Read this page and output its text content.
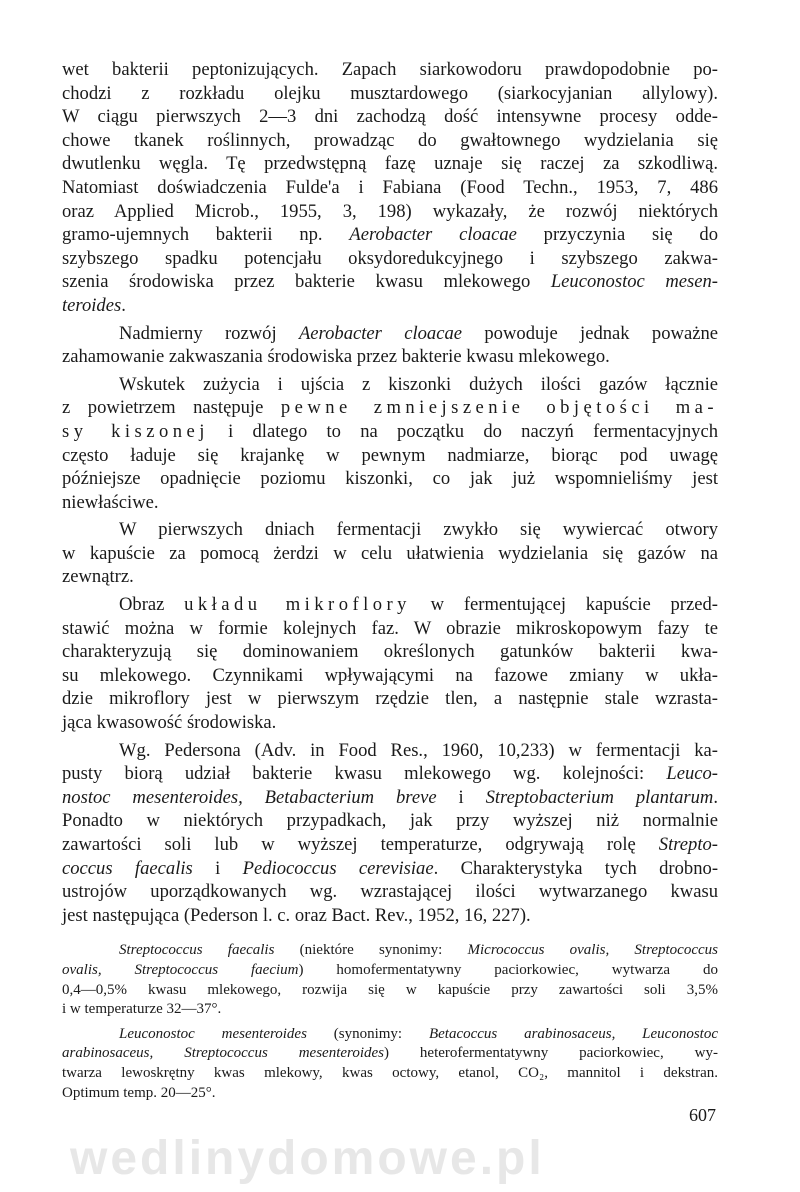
wet bakterii peptonizujących. Zapach siarkowodoru prawdopodobnie po-
chodzi z rozkładu olejku musztardowego (siarkocyjanian allylowy).
W ciągu pierwszych 2—3 dni zachodzą dość intensywne procesy odde-
chowe tkanek roślinnych, prowadząc do gwałtownego wydzielania się
dwutlenku węgla. Tę przedwstępną fazę uznaje się raczej za szkodliwą.
Natomiast doświadczenia Fulde'a i Fabiana (Food Techn., 1953, 7, 486
oraz Applied Microb., 1955, 3, 198) wykazały, że rozwój niektórych
gramo-ujemnych bakterii np. Aerobacter cloacae przyczynia się do
szybszego spadku potencjału oksydoredukcyjnego i szybszego zakwa-
szenia środowiska przez bakterie kwasu mlekowego Leuconostoc mesen-
teroides.
Nadmierny rozwój Aerobacter cloacae powoduje jednak poważne
zahamowanie zakwaszania środowiska przez bakterie kwasu mlekowego.
Wskutek zużycia i ujścia z kiszonki dużych ilości gazów łącznie
z powietrzem następuje pewne zmniejszenie objętości ma-
sy kiszonej i dlatego to na początku do naczyń fermentacyjnych
często ładuje się krajankę w pewnym nadmiarze, biorąc pod uwagę
późniejsze opadnięcie poziomu kiszonki, co jak już wspomnieliśmy jest
niewłaściwe.
W pierwszych dniach fermentacji zwykło się wywiercać otwory
w kapuście za pomocą żerdzi w celu ułatwienia wydzielania się gazów na
zewnątrz.
Obraz układu mikroflory w fermentującej kapuście przed-
stawić można w formie kolejnych faz. W obrazie mikroskopowym fazy te
charakteryzują się dominowaniem określonych gatunków bakterii kwa-
su mlekowego. Czynnikami wpływającymi na fazowe zmiany w ukła-
dzie mikroflory jest w pierwszym rzędzie tlen, a następnie stale wzrasta-
jąca kwasowość środowiska.
Wg. Pedersona (Adv. in Food Res., 1960, 10,233) w fermentacji ka-
pusty biorą udział bakterie kwasu mlekowego wg. kolejności: Leuco-
nostoc mesenteroides, Betabacterium breve i Streptobacterium plantarum.
Ponadto w niektórych przypadkach, jak przy wyższej niż normalnie
zawartości soli lub w wyższej temperaturze, odgrywają rolę Strepto-
coccus faecalis i Pediococcus cerevisiae. Charakterystyka tych drobno-
ustrojów uporządkowanych wg. wzrastającej ilości wytwarzanego kwasu
jest następująca (Pederson l. c. oraz Bact. Rev., 1952, 16, 227).
Streptococcus faecalis (niektóre synonimy: Micrococcus ovalis, Streptococcus
ovalis, Streptococcus faecium) homofermentatywny paciorkowiec, wytwarza do
0,4—0,5% kwasu mlekowego, rozwija się w kapuście przy zawartości soli 3,5%
i w temperaturze 32—37°.
Leuconostoc mesenteroides (synonimy: Betacoccus arabinosaceus, Leuconostoc
arabinosaceus, Streptococcus mesenteroides) heterofermentatywny paciorkowiec, wy-
twarza lewoskrętny kwas mlekowy, kwas octowy, etanol, CO₂, mannitol i dekstran.
Optimum temp. 20—25°.
607
wedlinydomowe.pl
